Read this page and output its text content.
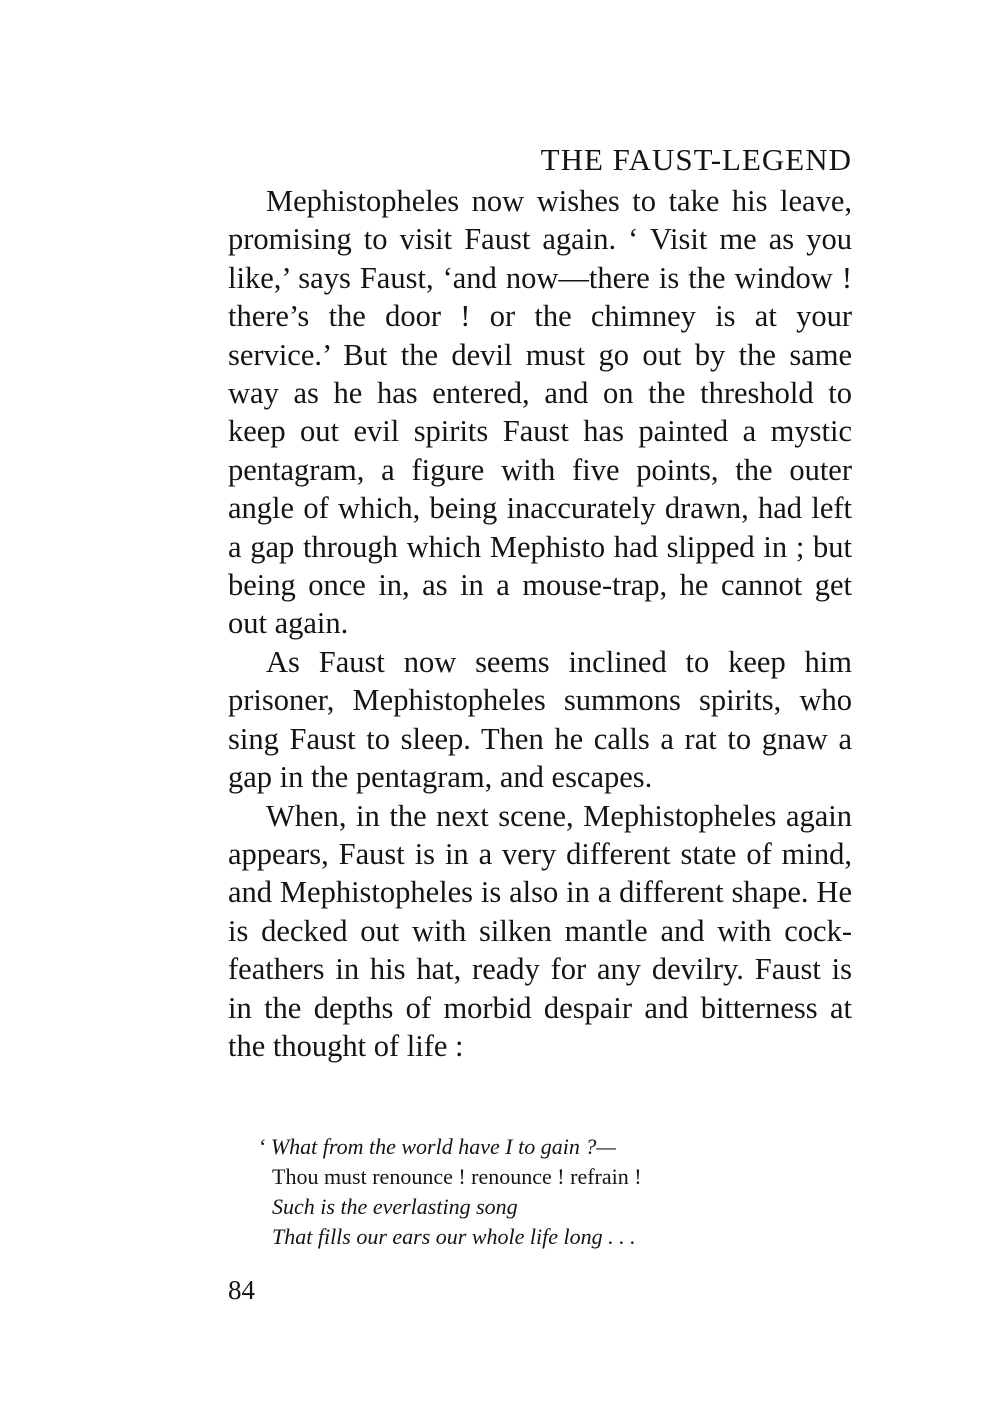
THE FAUST-LEGEND

Mephistopheles now wishes to take his leave, promising to visit Faust again. ‘ Visit me as you like,’ says Faust, ‘and now—there is the window ! there’s the door ! or the chimney is at your service.’ But the devil must go out by the same way as he has entered, and on the threshold to keep out evil spirits Faust has painted a mystic pentagram, a figure with five points, the outer angle of which, being inaccurately drawn, had left a gap through which Mephisto had slipped in ; but being once in, as in a mouse-trap, he cannot get out again.

As Faust now seems inclined to keep him prisoner, Mephistopheles summons spirits, who sing Faust to sleep. Then he calls a rat to gnaw a gap in the pentagram, and escapes.

When, in the next scene, Mephistopheles again appears, Faust is in a very different state of mind, and Mephistopheles is also in a different shape. He is decked out with silken mantle and with cock-feathers in his hat, ready for any devilry. Faust is in the depths of morbid despair and bitterness at the thought of life :

‘ What from the world have I to gain ?—
Thou must renounce ! renounce ! refrain !
Such is the everlasting song
That fills our ears our whole life long . . .
84
